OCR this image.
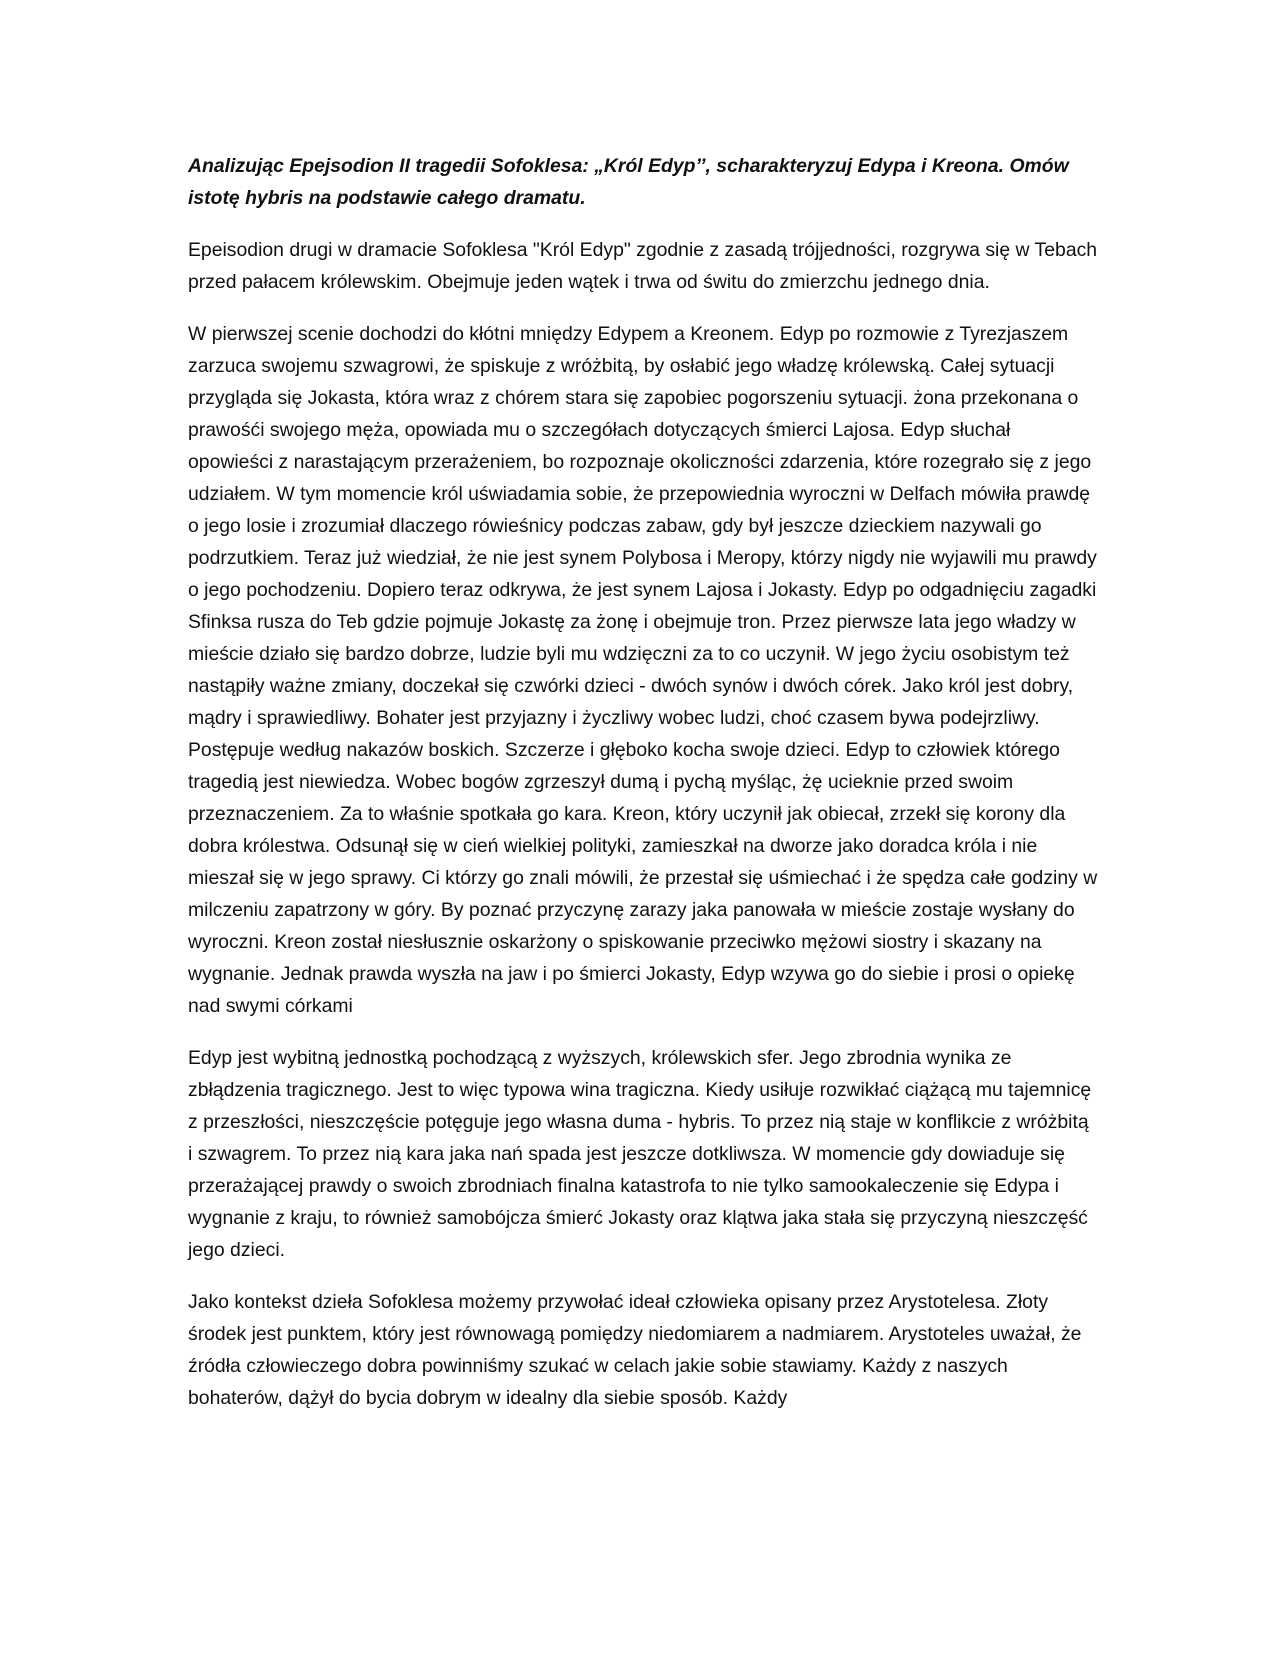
Analizując Epejsodion II tragedii Sofoklesa: „Król Edyp’’, scharakteryzuj Edypa i Kreona. Omów istotę hybris na podstawie całego dramatu.

Epeisodion drugi w dramacie Sofoklesa "Król Edyp" zgodnie z zasadą trójjedności, rozgrywa się w Tebach przed pałacem królewskim. Obejmuje jeden wątek i trwa od świtu do zmierzchu jednego dnia.

W pierwszej scenie dochodzi do kłótni mniędzy Edypem a Kreonem. Edyp po rozmowie z Tyrezjaszem zarzuca swojemu szwagrowi, że spiskuje z wróżbitą, by osłabić jego władzę królewską. Całej sytuacji przygląda się Jokasta, która wraz z chórem stara się zapobiec pogorszeniu sytuacji. żona przekonana o prawośći swojego męża, opowiada mu o szczegółach dotyczących śmierci Lajosa. Edyp słuchał opowieści z narastającym przerażeniem, bo rozpoznaje okoliczności zdarzenia, które rozegrało się z jego udziałem. W tym momencie król uświadamia sobie, że przepowiednia wyroczni w Delfach mówiła prawdę o jego losie i zrozumiał dlaczego rówieśnicy podczas zabaw, gdy był jeszcze dzieckiem nazywali go podrzutkiem. Teraz już wiedział, że nie jest synem Polybosa i Meropy, którzy nigdy nie wyjawili mu prawdy o jego pochodzeniu. Dopiero teraz odkrywa, że jest synem Lajosa i Jokasty. Edyp po odgadnięciu zagadki Sfinksa rusza do Teb gdzie pojmuje Jokastę za żonę i obejmuje tron. Przez pierwsze lata jego władzy w mieście działo się bardzo dobrze, ludzie byli mu wdzięczni za to co uczynił. W jego życiu osobistym też nastąpiły ważne zmiany, doczekał się czwórki dzieci - dwóch synów i dwóch córek. Jako król jest dobry, mądry i sprawiedliwy. Bohater jest przyjazny i życzliwy wobec ludzi, choć czasem bywa podejrzliwy. Postępuje według nakazów boskich. Szczerze i głęboko kocha swoje dzieci. Edyp to człowiek którego tragedią jest niewiedza. Wobec bogów zgrzeszył dumą i pychą myśląc, żę ucieknie przed swoim przeznaczeniem. Za to właśnie spotkała go kara. Kreon, który uczynił jak obiecał, zrzekł się korony dla dobra królestwa. Odsunął się w cień wielkiej polityki, zamieszkał na dworze jako doradca króla i nie mieszał się w jego sprawy. Ci którzy go znali mówili, że przestał się uśmiechać i że spędza całe godziny w milczeniu zapatrzony w góry. By poznać przyczynę zarazy jaka panowała w mieście zostaje wysłany do wyroczni. Kreon został niesłusznie oskarżony o spiskowanie przeciwko mężowi siostry i skazany na wygnanie. Jednak prawda wyszła na jaw i po śmierci Jokasty, Edyp wzywa go do siebie i prosi o opiekę nad swymi córkami

Edyp jest wybitną jednostką pochodzącą z wyższych, królewskich sfer. Jego zbrodnia wynika ze zbłądzenia tragicznego. Jest to więc typowa wina tragiczna. Kiedy usiłuje rozwikłać ciążącą mu tajemnicę z przeszłości, nieszczęście potęguje jego własna duma - hybris. To przez nią staje w konflikcie z wróżbitą i szwagrem. To przez nią kara jaka nań spada jest jeszcze dotkliwsza. W momencie gdy dowiaduje się przerażającej prawdy o swoich zbrodniach finalna katastrofa to nie tylko samookaleczenie się Edypa i wygnanie z kraju, to również samobójcza śmierć Jokasty oraz klątwa jaka stała się przyczyną nieszczęść jego dzieci.

Jako kontekst dzieła Sofoklesa możemy przywołać ideał człowieka opisany przez Arystotelesa. Złoty środek jest punktem, który jest równowagą pomiędzy niedomiarem a nadmiarem. Arystoteles uważał, że źródła człowieczego dobra powinniśmy szukać w celach jakie sobie stawiamy. Każdy z naszych bohaterów, dążył do bycia dobrym w idealny dla siebie sposób. Każdy
